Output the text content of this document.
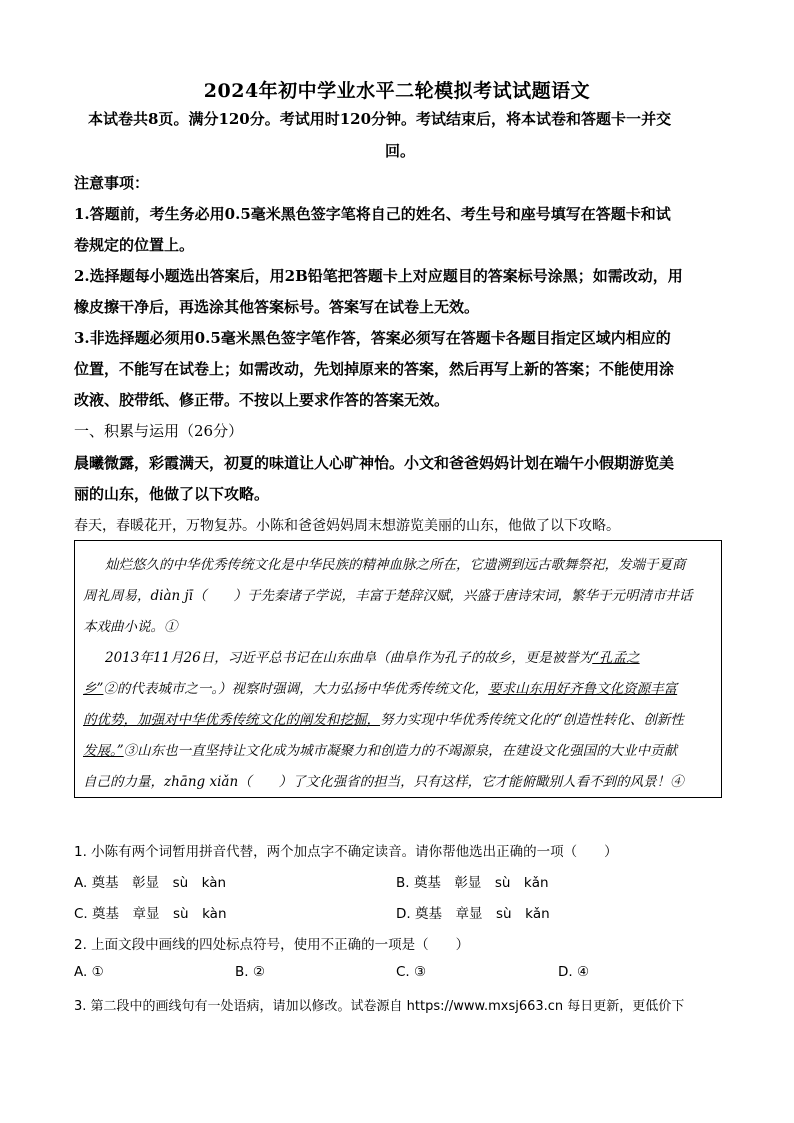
2024年初中学业水平二轮模拟考试试题语文
本试卷共8页。满分120分。考试用时120分钟。考试结束后，将本试卷和答题卡一并交
回。
注意事项：
1.答题前，考生务必用0.5毫米黑色签字笔将自己的姓名、考生号和座号填写在答题卡和试
卷规定的位置上。
2.选择题每小题选出答案后，用2B铅笔把答题卡上对应题目的答案标号涂黑；如需改动，用
橡皮擦干净后，再选涂其他答案标号。答案写在试卷上无效。
3.非选择题必须用0.5毫米黑色签字笔作答，答案必须写在答题卡各题目指定区域内相应的
位置，不能写在试卷上；如需改动，先划掉原来的答案，然后再写上新的答案；不能使用涂
改液、胶带纸、修正带。不按以上要求作答的答案无效。
一、积累与运用（26分）
晨曦微露，彩霞满天，初夏的味道让人心旷神怡。小文和爸爸妈妈计划在端午小假期游览美
丽的山东，他做了以下攻略。
春天，春暖花开，万物复苏。小陈和爸爸妈妈周末想游览美丽的山东，他做了以下攻略。
灿烂悠久的中华优秀传统文化是中华民族的精神血脉之所在，它遗溯到远古歌舞祭祀，发端于夏商
周礼周易，diàn jī（　　）于先秦诸子学说，丰富于楚辞汉赋，兴盛于唐诗宋词，繁华于元明清市井话
本戏曲小说。①
2013年11月26日，习近平总书记在山东曲阜（曲阜作为孔子的故乡，更是被誉为“孔孟之
乡”②的代表城市之一。）视察时强调，大力弘扬中华优秀传统文化，要求山东用好齐鲁文化资源丰富
的优势，加强对中华优秀传统文化的阐发和挖掘，努力实现中华优秀传统文化的“创造性转化、创新性
发展。”③山东也一直坚持让文化成为城市凝聚力和创造力的不竭源泉，在建设文化强国的大业中贡献
自己的力量，zhāng xiǎn（　　）了文化强省的担当，只有这样，它才能俯瞰别人看不到的风景！④
1. 小陈有两个词暂用拼音代替，两个加点字不确定读音。请你帮他选出正确的一项（　　）
A. 奠基　彰显　sù　kàn	B. 奠基　彰显　sù　kǎn
C. 奠基　章显　sù　kàn	D. 奠基　章显　sù　kǎn
2. 上面文段中画线的四处标点符号，使用不正确的一项是（　　）
A. ①	B. ②	C. ③	D. ④
3. 第二段中的画线句有一处语病，请加以修改。试卷源自 https://www.mxsj663.cn 每日更新，更低价下
